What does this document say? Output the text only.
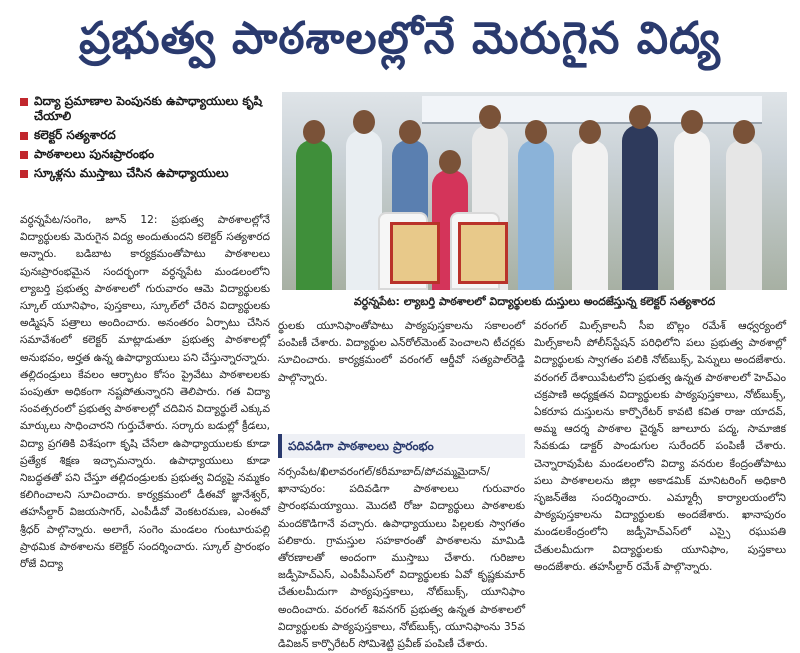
ప్రభుత్వ పాఠశాలల్లోనే మెరుగైన విద్య
విద్యా ప్రమాణాల పెంపునకు ఉపాధ్యాయులు కృషి చేయాలి
కలెక్టర్ సత్యశారద
పాఠశాలలు పునఃప్రారంభం
స్కూళ్లను ముస్తాబు చేసిన ఉపాధ్యాయులు

వర్ధన్నపేట/సంగెం, జూన్ 12: ప్రభుత్వ పాఠశాలల్లోనే విద్యార్థులకు మెరుగైన విద్య అందుతుందని కలెక్టర్ సత్యశారద అన్నారు. బడిబాట కార్యక్రమంతోపాటు పాఠశాలలు పునఃప్రారంభమైన సందర్భంగా వర్ధన్నపేట మండలంలోని ల్యాబర్తి ప్రభుత్వ పాఠశాలలో గురువారం ఆమె విద్యార్థులకు స్కూల్ యూనిఫాం, పుస్తకాలు, స్కూల్‌లో చేరిన విద్యార్థులకు అడ్మిషన్ పత్రాలు అందించారు. అనంతరం ఏర్పాటు చేసిన సమావేశంలో కలెక్టర్ మాట్లాడుతూ ప్రభుత్వ పాఠశాలల్లో అనుభవం, అర్హత ఉన్న ఉపాధ్యాయులు పని చేస్తున్నారన్నారు. తల్లిదండ్రులు కేవలం ఆర్భాటం కోసం ప్రైవేటు పాఠశాలలకు పంపుతూ అధికంగా నష్టపోతున్నారని తెలిపారు. గత విద్యా సంవత్సరంలో ప్రభుత్వ పాఠశాలల్లో చదివిన విద్యార్థులే ఎక్కువ మార్కులు సాధించారని గుర్తుచేశారు. సర్కారు బడుల్లో క్రీడలు, విద్యా ప్రగతికి విశేషంగా కృషి చేసేలా ఉపాధ్యాయులకు కూడా ప్రత్యేక శిక్షణ ఇచ్చామన్నారు. ఉపాధ్యాయులు కూడా నిబద్ధతతో పని చేస్తూ తల్లిదండ్రులకు ప్రభుత్వ విద్యపై నమ్మకం కలిగించాలని సూచించారు. కార్యక్రమంలో డీఈవో జ్ఞానేశ్వర్, తహసీల్దార్ విజయసాగర్, ఎంపీడీవో వెంకటరమణ, ఎంఈవో శ్రీధర్ పాల్గొన్నారు. అలాగే, సంగెం మండలం గుంటూరుపల్లి ప్రాథమిక పాఠశాలను కలెక్టర్ సందర్శించారు. స్కూల్ ప్రారంభం రోజే విద్యా

వర్ధన్నపేట: ల్యాబర్తి పాఠశాలలో విద్యార్థులకు దుస్తులు అందజేస్తున్న కలెక్టర్ సత్యశారద

ర్థులకు యూనిఫాంతోపాటు పాఠ్యపుస్తకాలను సకాలంలో పంపిణీ చేశారు. విద్యార్థుల ఎన్‌రోల్‌మెంట్ పెంచాలని టీచర్లకు సూచించారు. కార్యక్రమంలో వరంగల్ ఆర్డీవో సత్యపాల్‌రెడ్డి పాల్గొన్నారు.

పదివడిగా పాఠశాలలు ప్రారంభం

నర్సంపేట/ఖిలావరంగల్/కరీమాబాద్/పోచమ్మమైదాన్/ఖానాపురం: పదివడిగా పాఠశాలలు గురువారం ప్రారంభమయ్యాయి. మొదటి రోజు విద్యార్థులు పాఠశాలకు మందకొడిగానే వచ్చారు. ఉపాధ్యాయులు పిల్లలకు స్వాగతం పలికారు. గ్రామస్తుల సహకారంతో పాఠశాలను మామిడి తోరణాలతో అందంగా ముస్తాబు చేశారు. గురిజాల జడ్పీహెచ్‌ఎస్, ఎంపీపీఎస్‌లో విద్యార్థులకు ఏవో కృష్ణకుమార్ చేతులమీదుగా పాఠ్యపుస్తకాలు, నోట్‌బుక్స్, యూనిఫాం అందించారు. వరంగల్ శివనగర్ ప్రభుత్వ ఉన్నత పాఠశాలలో విద్యార్థులకు పాఠ్యపుస్తకాలు, నోట్‌బుక్స్, యూనిఫాంను 35వ డివిజన్ కార్పొరేటర్ సోమిశెట్టి ప్రవీణ్ పంపిణీ చేశారు.

వరంగల్ మిల్స్‌కాలనీ సీఐ బొల్లం రమేశ్ ఆధ్వర్యంలో మిల్స్‌కాలనీ పోలీస్‌స్టేషన్ పరిధిలోని పలు ప్రభుత్వ పాఠశాల్లో విద్యార్థులకు స్వాగతం పలికి నోట్‌బుక్స్, పెన్నులు అందజేశారు. వరంగల్ దేశాయిపేటలోని ప్రభుత్వ ఉన్నత పాఠశాలలో హెచ్‌ఎం చక్రపాణి అధ్యక్షతన విద్యార్థులకు పాఠ్యపుస్తకాలు, నోట్‌బుక్స్, ఏకరూప దుస్తులను కార్పొరేటర్ కావటి కవిత రాజు యాదవ్, అమ్మ ఆదర్శ పాఠశాల చైర్మన్ జూలూరు పద్మ, సామాజిక సేవకుడు డాక్టర్ పాండుగుల సురేందర్ పంపిణీ చేశారు. చెన్నారావుపేట మండలంలోని విద్యా వనరుల కేంద్రంతోపాటు పలు పాఠశాలలను జిల్లా అకాడమిక్ మానిటరింగ్ అధికారి సృజన్‌తేజ సందర్శించారు. ఎమ్మార్సీ కార్యాలయంలోని పాఠ్యపుస్తకాలను విద్యార్థులకు అందజేశారు. ఖానాపురం మండలకేంద్రంలోని జడ్పీహెచ్‌ఎస్‌లో ఎస్సై రఘుపతి చేతులమీదుగా విద్యార్థులకు యూనిఫాం, పుస్తకాలు అందజేశారు. తహసీల్దార్ రమేశ్ పాల్గొన్నారు.
